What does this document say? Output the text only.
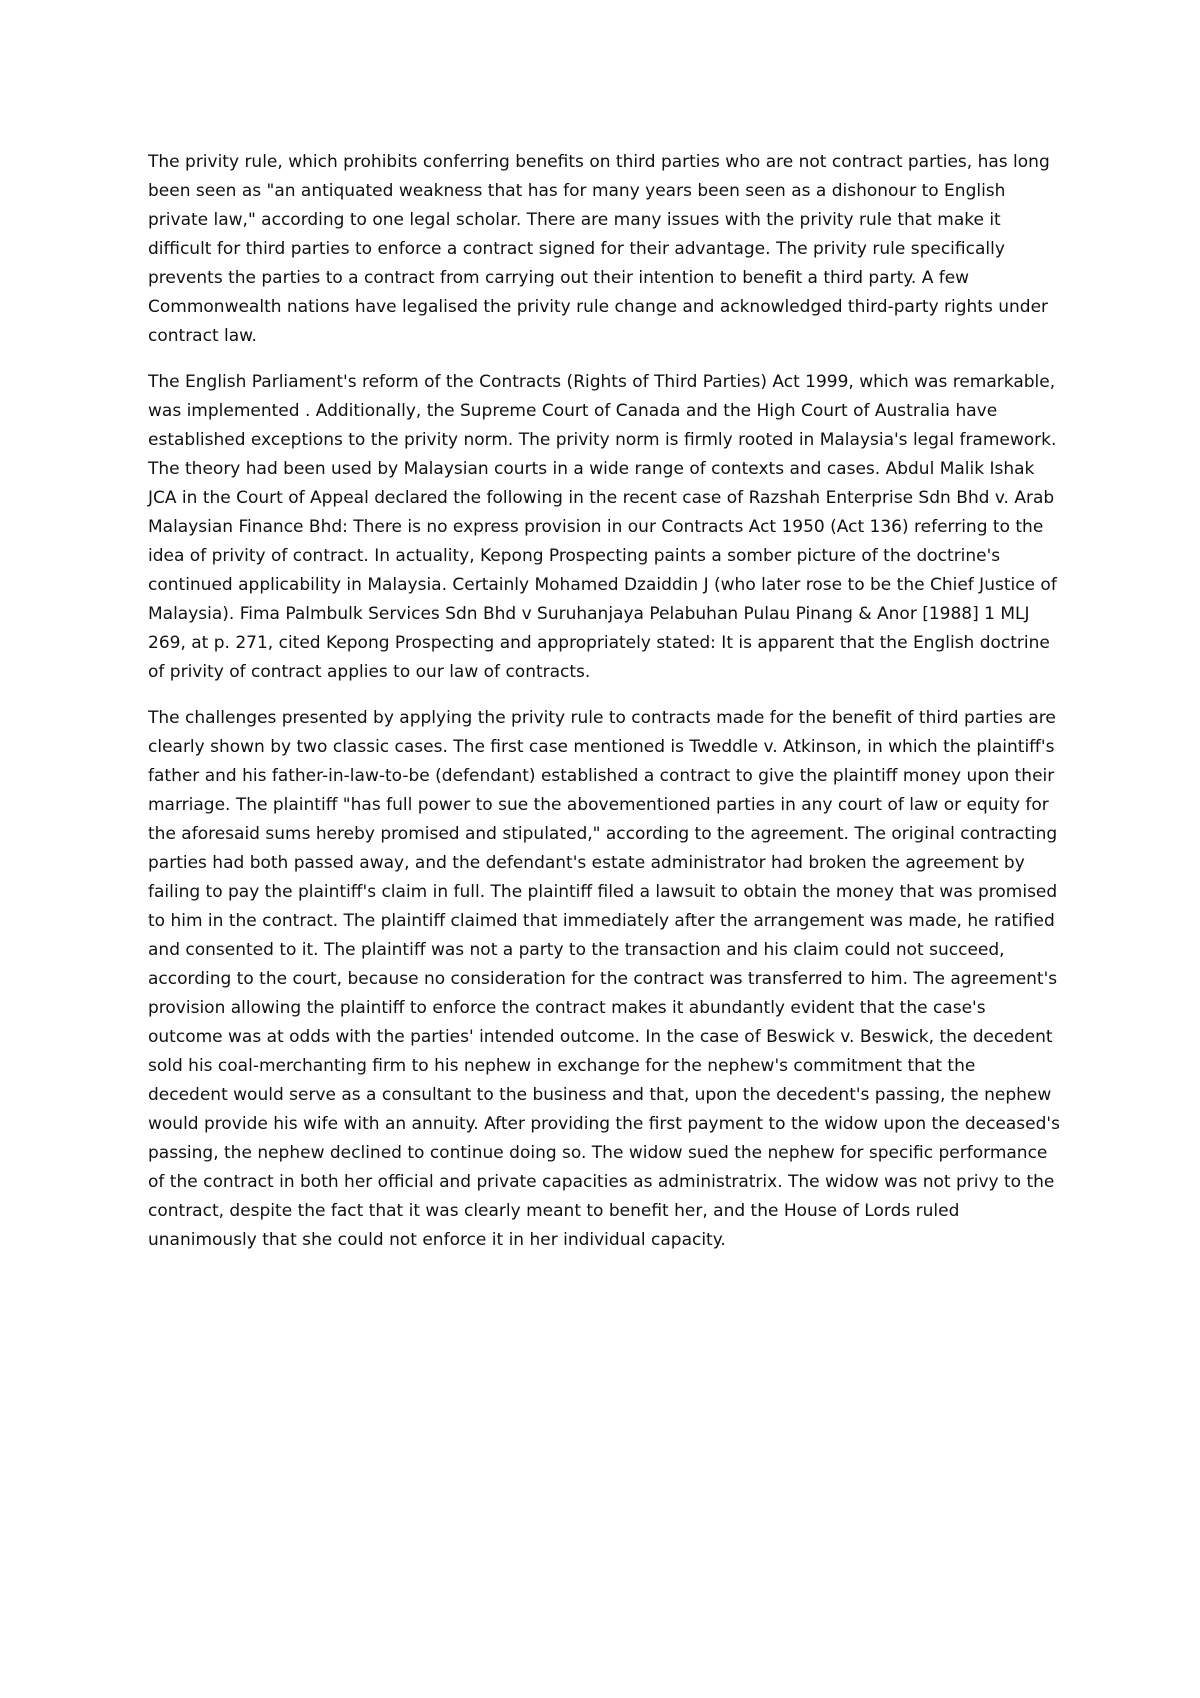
The privity rule, which prohibits conferring benefits on third parties who are not contract parties, has long been seen as "an antiquated weakness that has for many years been seen as a dishonour to English private law," according to one legal scholar. There are many issues with the privity rule that make it difficult for third parties to enforce a contract signed for their advantage. The privity rule specifically prevents the parties to a contract from carrying out their intention to benefit a third party. A few Commonwealth nations have legalised the privity rule change and acknowledged third-party rights under contract law.

The English Parliament's reform of the Contracts (Rights of Third Parties) Act 1999, which was remarkable, was implemented . Additionally, the Supreme Court of Canada and the High Court of Australia have established exceptions to the privity norm. The privity norm is firmly rooted in Malaysia's legal framework. The theory had been used by Malaysian courts in a wide range of contexts and cases. Abdul Malik Ishak JCA in the Court of Appeal declared the following in the recent case of Razshah Enterprise Sdn Bhd v. Arab Malaysian Finance Bhd: There is no express provision in our Contracts Act 1950 (Act 136) referring to the idea of privity of contract. In actuality, Kepong Prospecting paints a somber picture of the doctrine's continued applicability in Malaysia. Certainly Mohamed Dzaiddin J (who later rose to be the Chief Justice of Malaysia). Fima Palmbulk Services Sdn Bhd v Suruhanjaya Pelabuhan Pulau Pinang & Anor [1988] 1 MLJ 269, at p. 271, cited Kepong Prospecting and appropriately stated: It is apparent that the English doctrine of privity of contract applies to our law of contracts.

The challenges presented by applying the privity rule to contracts made for the benefit of third parties are clearly shown by two classic cases. The first case mentioned is Tweddle v. Atkinson, in which the plaintiff's father and his father-in-law-to-be (defendant) established a contract to give the plaintiff money upon their marriage. The plaintiff "has full power to sue the abovementioned parties in any court of law or equity for the aforesaid sums hereby promised and stipulated," according to the agreement. The original contracting parties had both passed away, and the defendant's estate administrator had broken the agreement by failing to pay the plaintiff's claim in full. The plaintiff filed a lawsuit to obtain the money that was promised to him in the contract. The plaintiff claimed that immediately after the arrangement was made, he ratified and consented to it. The plaintiff was not a party to the transaction and his claim could not succeed, according to the court, because no consideration for the contract was transferred to him. The agreement's provision allowing the plaintiff to enforce the contract makes it abundantly evident that the case's outcome was at odds with the parties' intended outcome. In the case of Beswick v. Beswick, the decedent sold his coal-merchanting firm to his nephew in exchange for the nephew's commitment that the decedent would serve as a consultant to the business and that, upon the decedent's passing, the nephew would provide his wife with an annuity. After providing the first payment to the widow upon the deceased's passing, the nephew declined to continue doing so. The widow sued the nephew for specific performance of the contract in both her official and private capacities as administratrix. The widow was not privy to the contract, despite the fact that it was clearly meant to benefit her, and the House of Lords ruled unanimously that she could not enforce it in her individual capacity.
